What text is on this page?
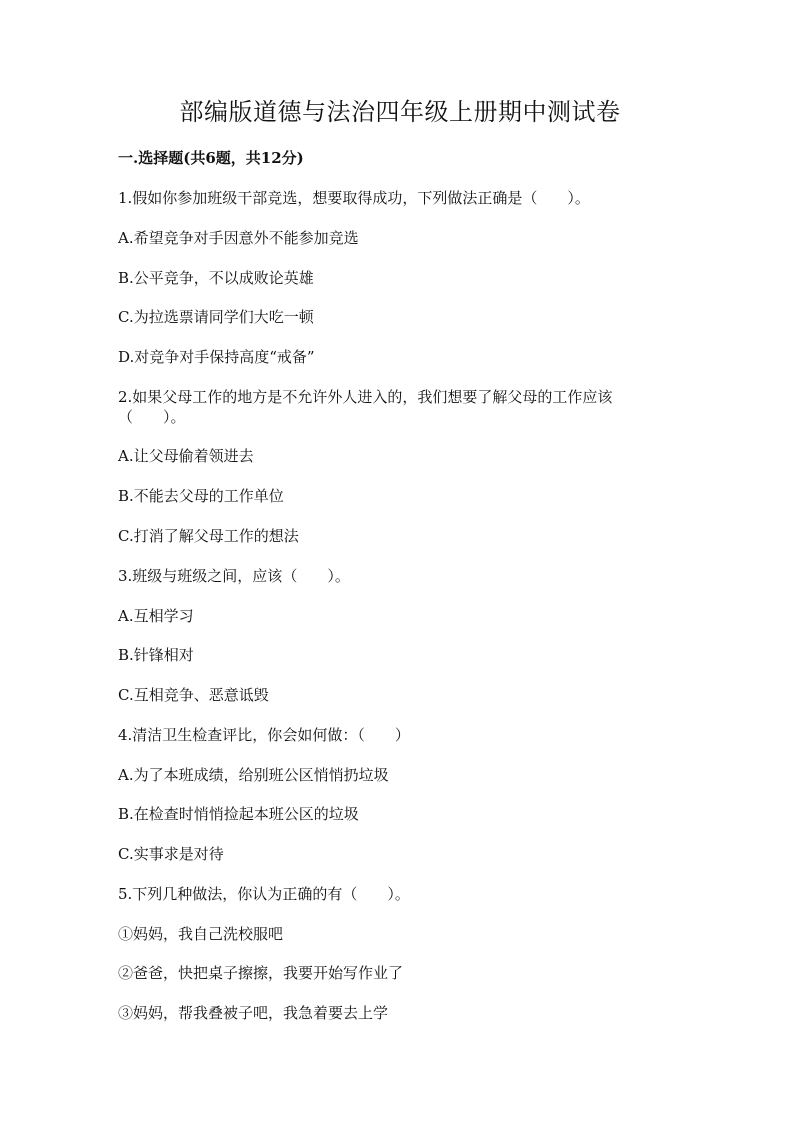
部编版道德与法治四年级上册期中测试卷
一.选择题(共6题，共12分)
1.假如你参加班级干部竞选，想要取得成功，下列做法正确是（　　）。
A.希望竞争对手因意外不能参加竞选
B.公平竞争，不以成败论英雄
C.为拉选票请同学们大吃一顿
D.对竞争对手保持高度“戒备”
2.如果父母工作的地方是不允许外人进入的，我们想要了解父母的工作应该
（　　）。
A.让父母偷着领进去
B.不能去父母的工作单位
C.打消了解父母工作的想法
3.班级与班级之间，应该（　　）。
A.互相学习
B.针锋相对
C.互相竞争、恶意诋毁
4.清洁卫生检查评比，你会如何做：（　　）
A.为了本班成绩，给别班公区悄悄扔垃圾
B.在检查时悄悄捡起本班公区的垃圾
C.实事求是对待
5.下列几种做法，你认为正确的有（　　）。
①妈妈，我自己洗校服吧
②爸爸，快把桌子擦擦，我要开始写作业了
③妈妈，帮我叠被子吧，我急着要去上学
